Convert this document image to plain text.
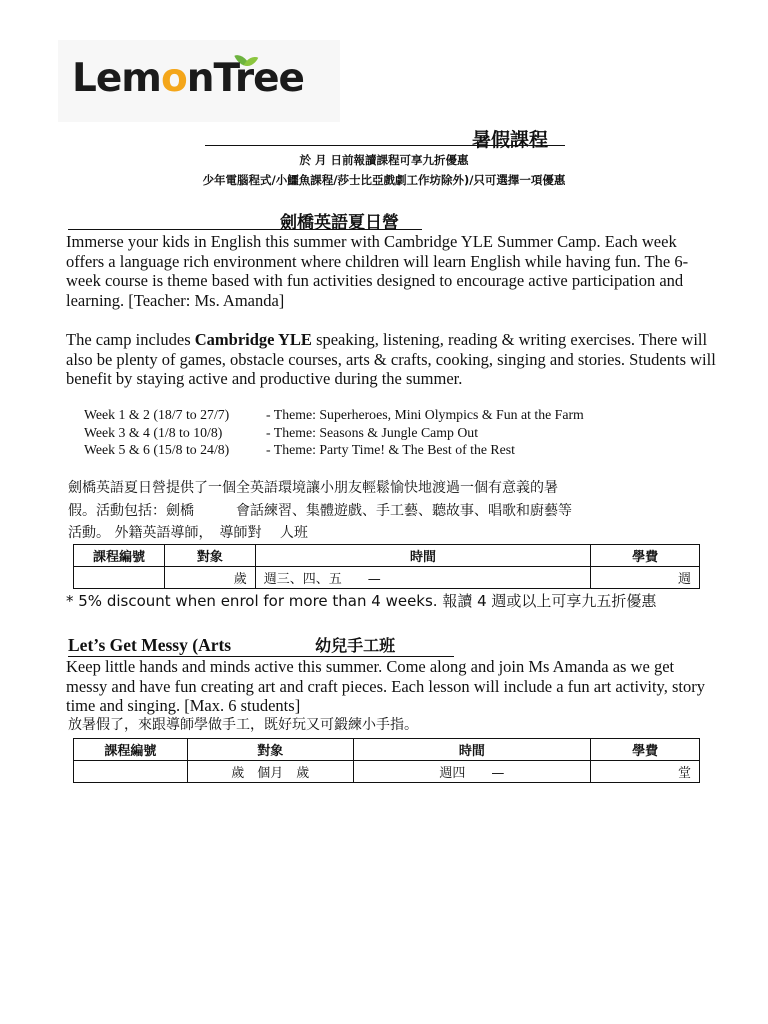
LemonTree
暑假課程
於 月 日前報讀課程可享九折優惠
少年電腦程式/小鱷魚課程/莎士比亞戲劇工作坊除外)/只可選擇一項優惠
劍橋英語夏日營

Immerse your kids in English this summer with Cambridge YLE Summer Camp. Each week offers a language rich environment where children will learn English while having fun. The 6-week course is theme based with fun activities designed to encourage active participation and learning. [Teacher: Ms. Amanda]

The camp includes Cambridge YLE speaking, listening, reading & writing exercises. There will also be plenty of games, obstacle courses, arts & crafts, cooking, singing and stories. Students will benefit by staying active and productive during the summer.

Week 1 & 2 (18/7 to 27/7)	- Theme: Superheroes, Mini Olympics & Fun at the Farm
Week 3 & 4 (1/8 to 10/8)	- Theme: Seasons & Jungle Camp Out
Week 5 & 6 (15/8 to 24/8)	- Theme: Party Time! & The Best of the Rest
劍橋英語夏日營提供了一個全英語環境讓小朋友輕鬆愉快地渡過一個有意義的暑
假。活動包括：劍橋　　　會話練習、集體遊戲、手工藝、聽故事、唱歌和廚藝等
活動。 外籍英語導師，　導師對　 人班
課程編號	對象	時間	學費
	歲	週三、四、五　　—	週
* 5% discount when enrol for more than 4 weeks. 報讀 4 週或以上可享九五折優惠
Let’s Get Messy (Arts	幼兒手工班

Keep little hands and minds active this summer. Come along and join Ms Amanda as we get messy and have fun creating art and craft pieces. Each lesson will include a fun art activity, story time and singing. [Max. 6 students]

放暑假了，來跟導師學做手工，既好玩又可鍛練小手指。
課程編號	對象	時間	學費
	歲　個月　歲	週四　　—	堂
